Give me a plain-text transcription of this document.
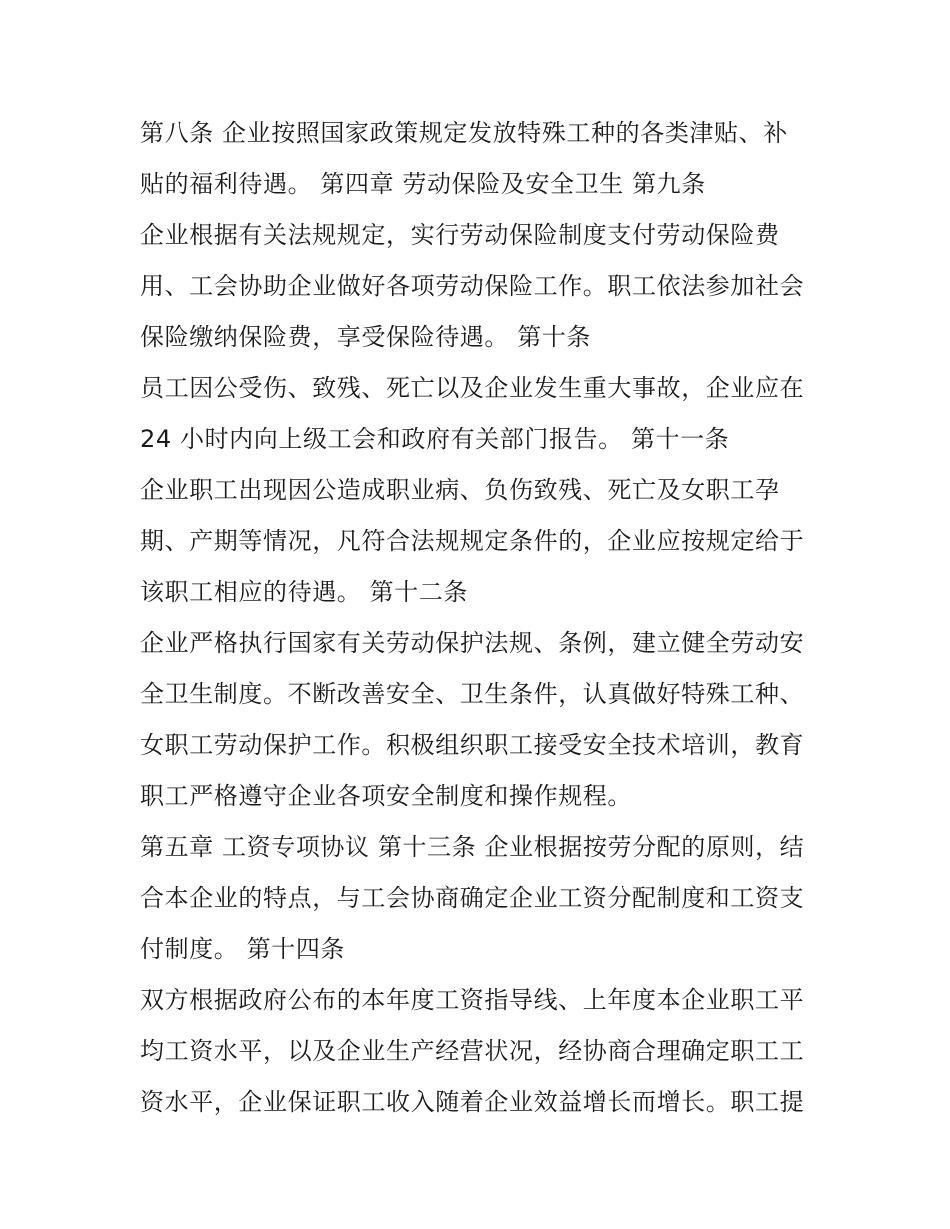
第八条 企业按照国家政策规定发放特殊工种的各类津贴、补
贴的福利待遇。 第四章 劳动保险及安全卫生 第九条
企业根据有关法规规定，实行劳动保险制度支付劳动保险费
用、工会协助企业做好各项劳动保险工作。职工依法参加社会
保险缴纳保险费，享受保险待遇。 第十条
员工因公受伤、致残、死亡以及企业发生重大事故，企业应在
24 小时内向上级工会和政府有关部门报告。 第十一条
企业职工出现因公造成职业病、负伤致残、死亡及女职工孕
期、产期等情况，凡符合法规规定条件的，企业应按规定给于
该职工相应的待遇。 第十二条
企业严格执行国家有关劳动保护法规、条例，建立健全劳动安
全卫生制度。不断改善安全、卫生条件，认真做好特殊工种、
女职工劳动保护工作。积极组织职工接受安全技术培训，教育
职工严格遵守企业各项安全制度和操作规程。
第五章 工资专项协议 第十三条 企业根据按劳分配的原则，结
合本企业的特点，与工会协商确定企业工资分配制度和工资支
付制度。 第十四条
双方根据政府公布的本年度工资指导线、上年度本企业职工平
均工资水平，以及企业生产经营状况，经协商合理确定职工工
资水平，企业保证职工收入随着企业效益增长而增长。职工提
